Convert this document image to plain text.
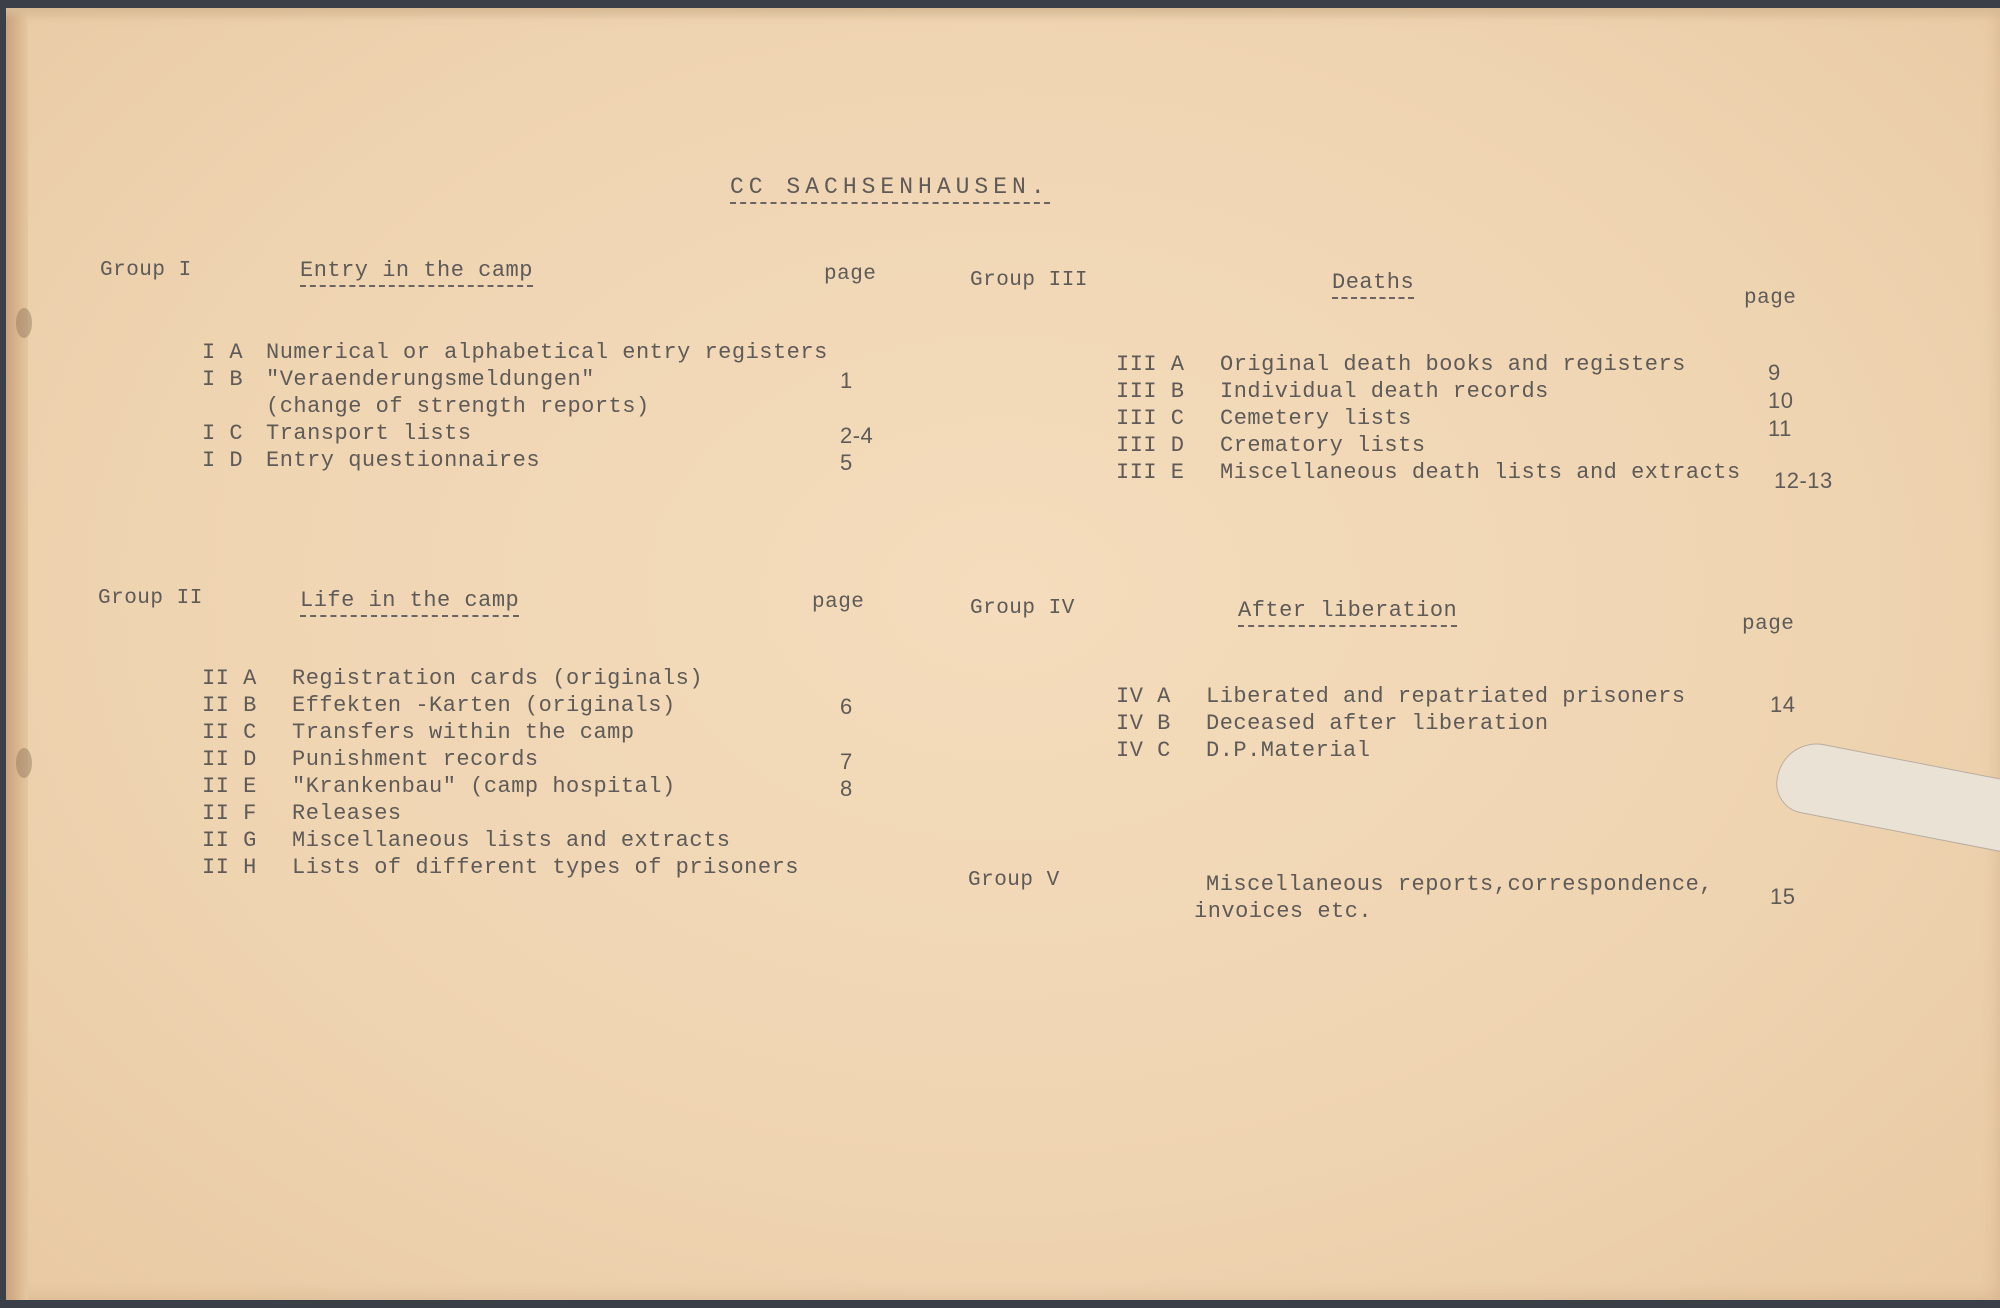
CC SACHSENHAUSEN.
Group I	Entry in the camp	page
I A Numerical or alphabetical entry registers
I B "Veraenderungsmeldungen"	1
(change of strength reports)
I C Transport lists	2-4
I D Entry questionnaires	5
Group II	Life in the camp	page
II A Registration cards (originals)
II B Effekten -Karten (originals)	6
II C Transfers within the camp
II D Punishment records	7
II E "Krankenbau" (camp hospital)	8
II F Releases
II G Miscellaneous lists and extracts
II H Lists of different types of prisoners
Group III	Deaths
page
III A Original death books and registers	9
III B Individual death records	10
III C Cemetery lists	11
III D Crematory lists
III E Miscellaneous death lists and extracts 12-13
Group IV	After liberation
page
IV A Liberated and repatriated prisoners	14
IV B Deceased after liberation
IV C D.P.Material
Group V	Miscellaneous reports,correspondence,
invoices etc.
15
